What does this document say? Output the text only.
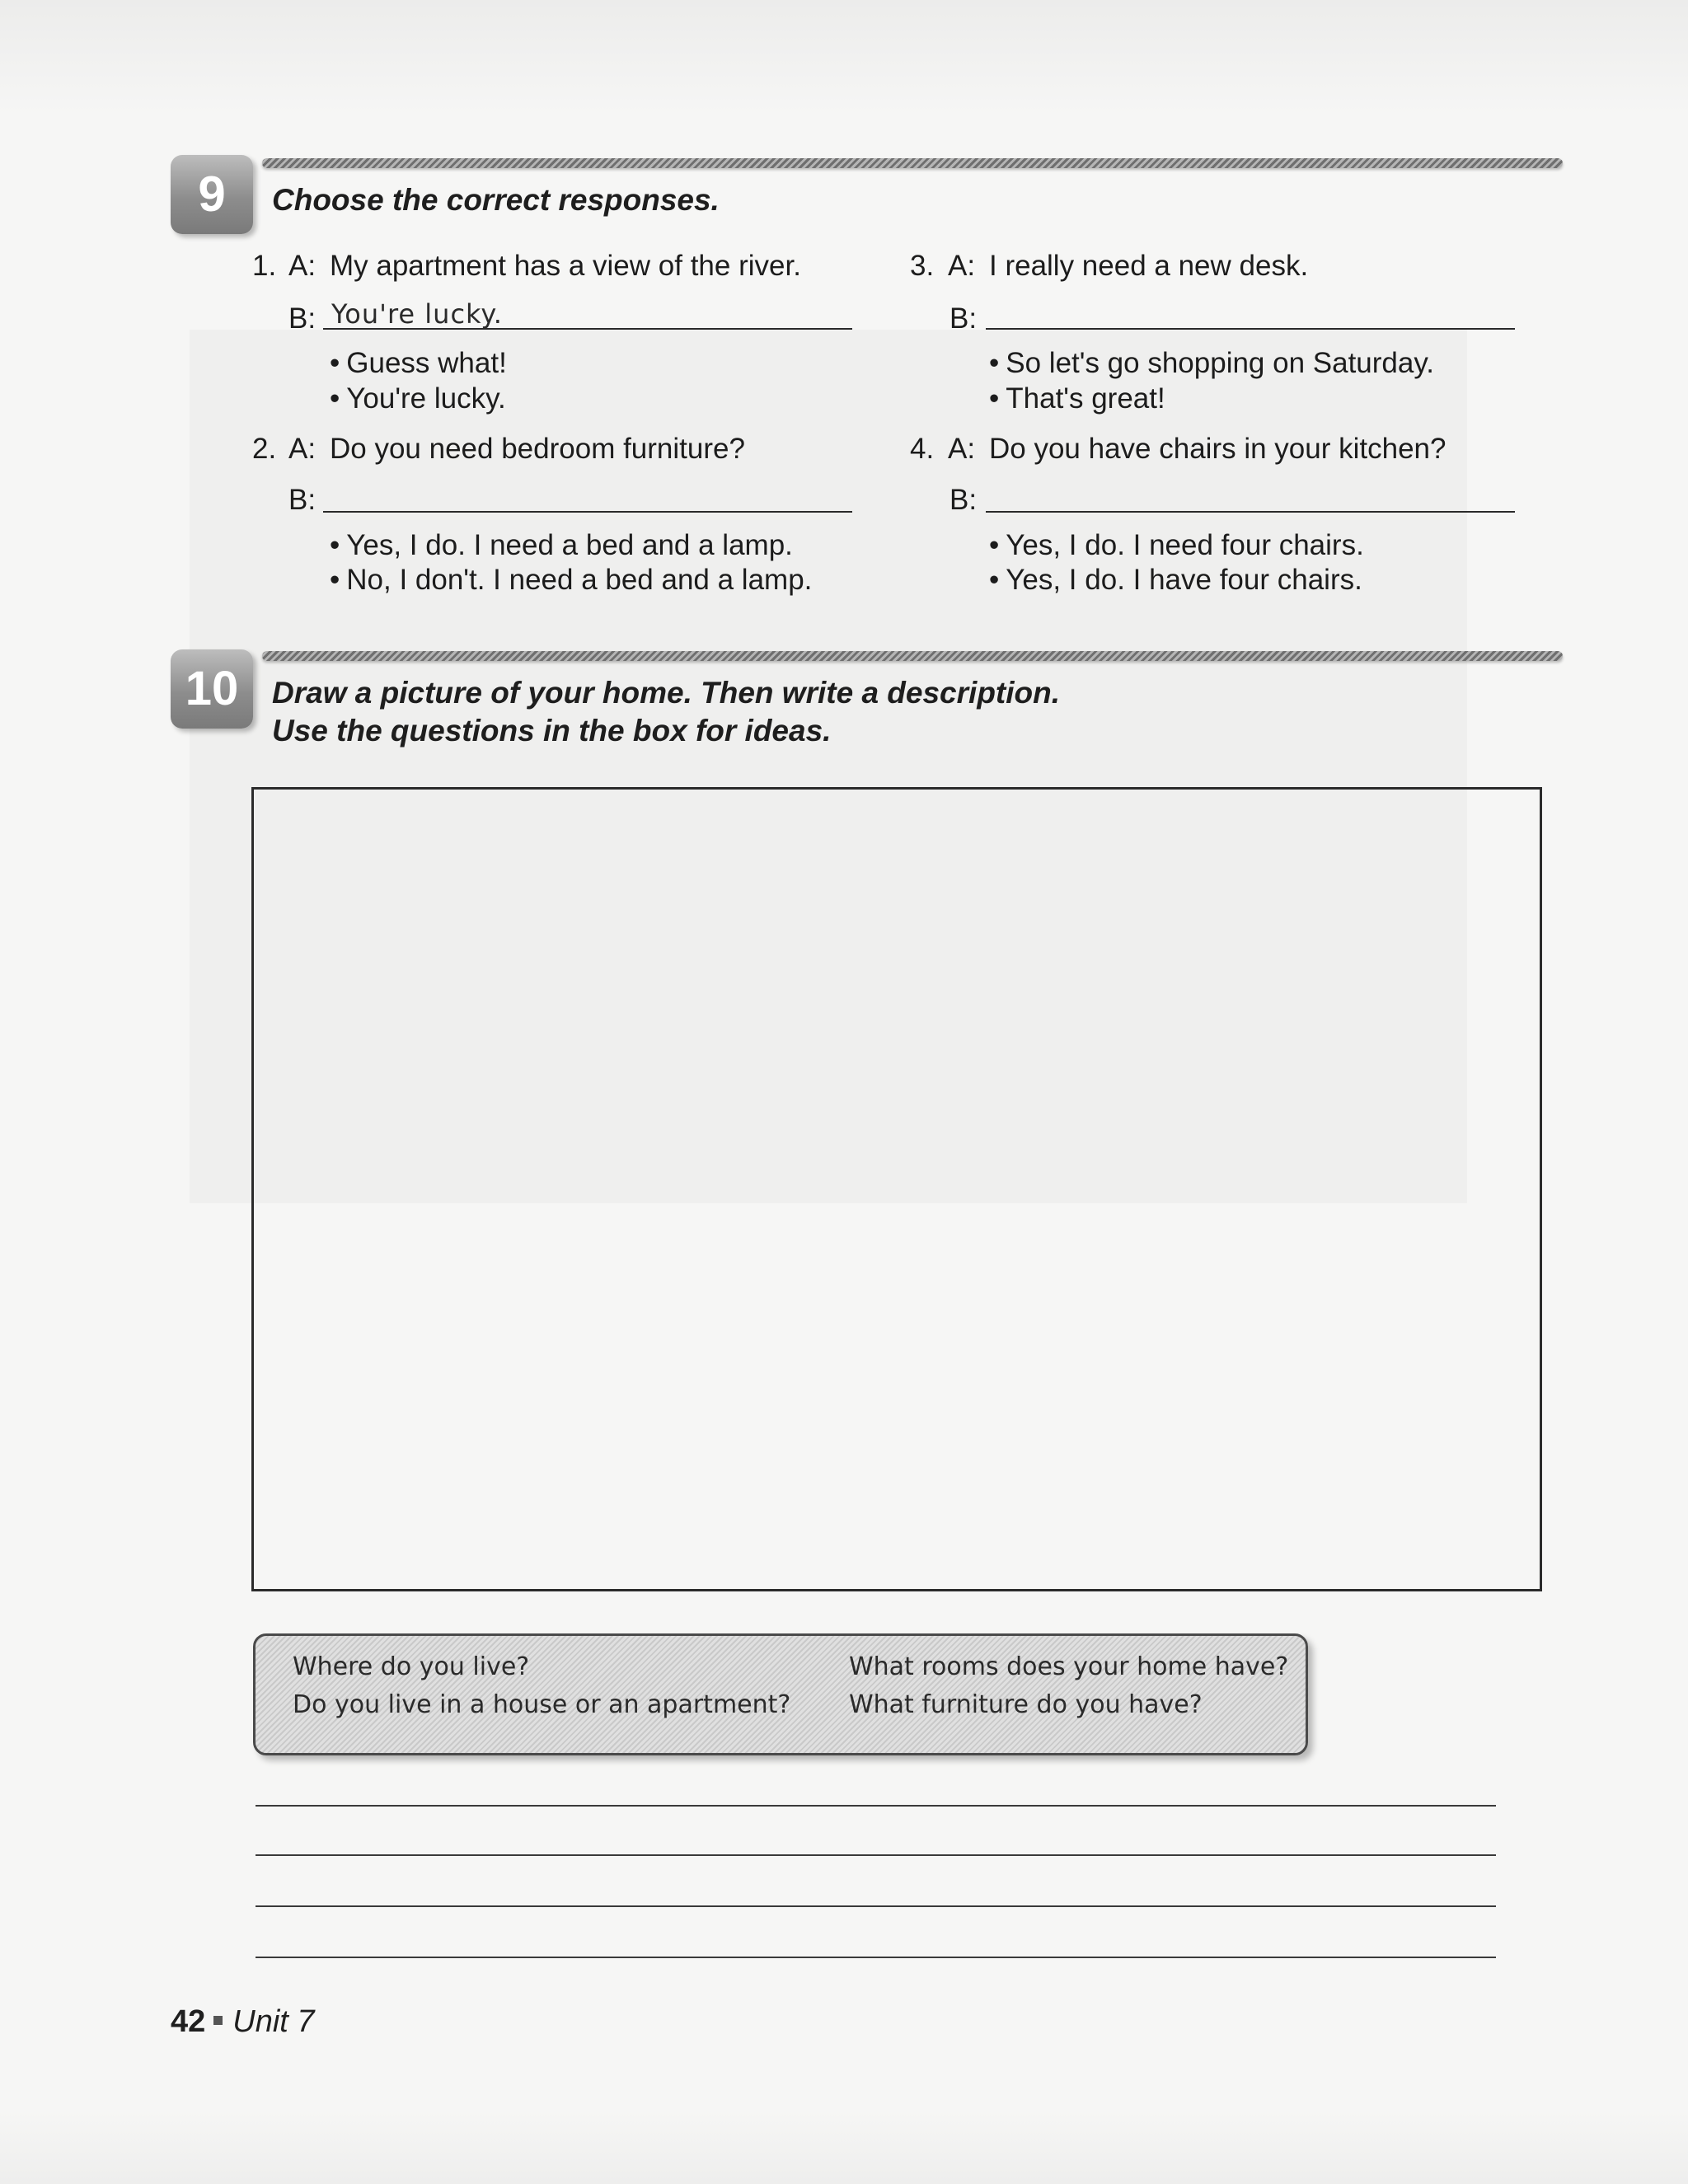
9	Choose the correct responses.
1. A: My apartment has a view of the river.
B: You're lucky.
• Guess what!
• You're lucky.
2. A: Do you need bedroom furniture?
B:
• Yes, I do. I need a bed and a lamp.
• No, I don't. I need a bed and a lamp.
3. A: I really need a new desk.
B:
• So let's go shopping on Saturday.
• That's great!
4. A: Do you have chairs in your kitchen?
B:
• Yes, I do. I need four chairs.
• Yes, I do. I have four chairs.
10	Draw a picture of your home. Then write a description.
Use the questions in the box for ideas.
Where do you live?
Do you live in a house or an apartment?
What rooms does your home have?
What furniture do you have?
42 Unit 7
